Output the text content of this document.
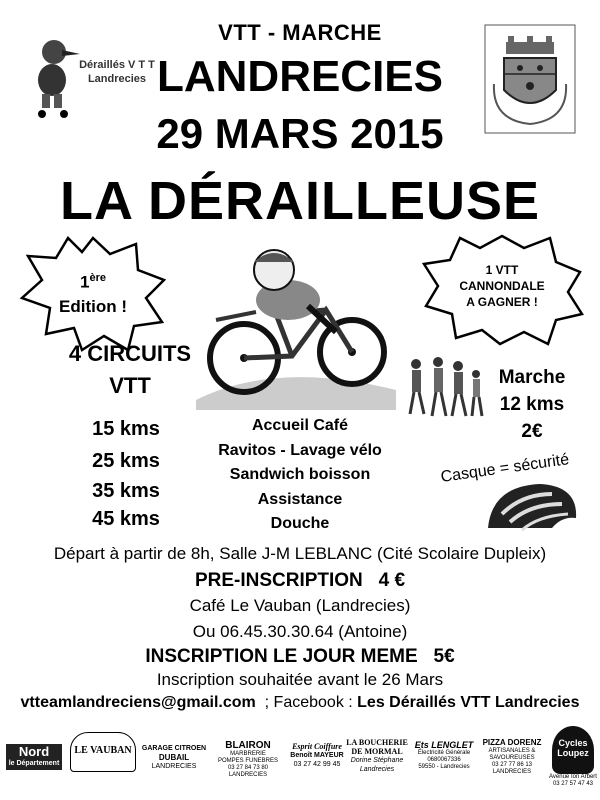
VTT - MARCHE
LANDRECIES
29 MARS 2015
LA DÉRAILLEUSE
Déraillés V T T
Landrecies
1ère
Edition !
1 VTT
CANNONDALE
A GAGNER !
4 CIRCUITS
VTT
15 kms
25 kms
35 kms
45 kms
Accueil Café
Ravitos - Lavage vélo
Sandwich boisson
Assistance
Douche
Marche
12 kms
2€
Casque = sécurité
Départ à partir de 8h, Salle J-M LEBLANC (Cité Scolaire Dupleix)
PRE-INSCRIPTION 4 €
Café Le Vauban (Landrecies)
Ou 06.45.30.30.64 (Antoine)
INSCRIPTION LE JOUR MEME 5€
Inscription souhaitée avant le 26 Mars
vtteamlandreciens@gmail.com ; Facebook : Les Déraillés VTT Landrecies
Nord
le Département
LE VAUBAN	GARAGE CITROEN
DUBAIL
LANDRECIES
BLAIRON
MARBRERIE
POMPES FUNEBRES
03 27 84 73 80
LANDRECIES
Esprit Coiffure
Benoît MAYEUR
03 27 42 99 45
LA BOUCHERIE DE MORMAL
Dorine Stéphane
Landrecies
Ets LENGLET
Électricité Générale
0680067336
59550 - Landrecies
PIZZA DORENZ
ARTISANALES &
SAVOUREUSES
03 27 77 86 13
LANDRECIES
Cycles Loupez
Avenue Ion Arbert
03 27 57 47 43
